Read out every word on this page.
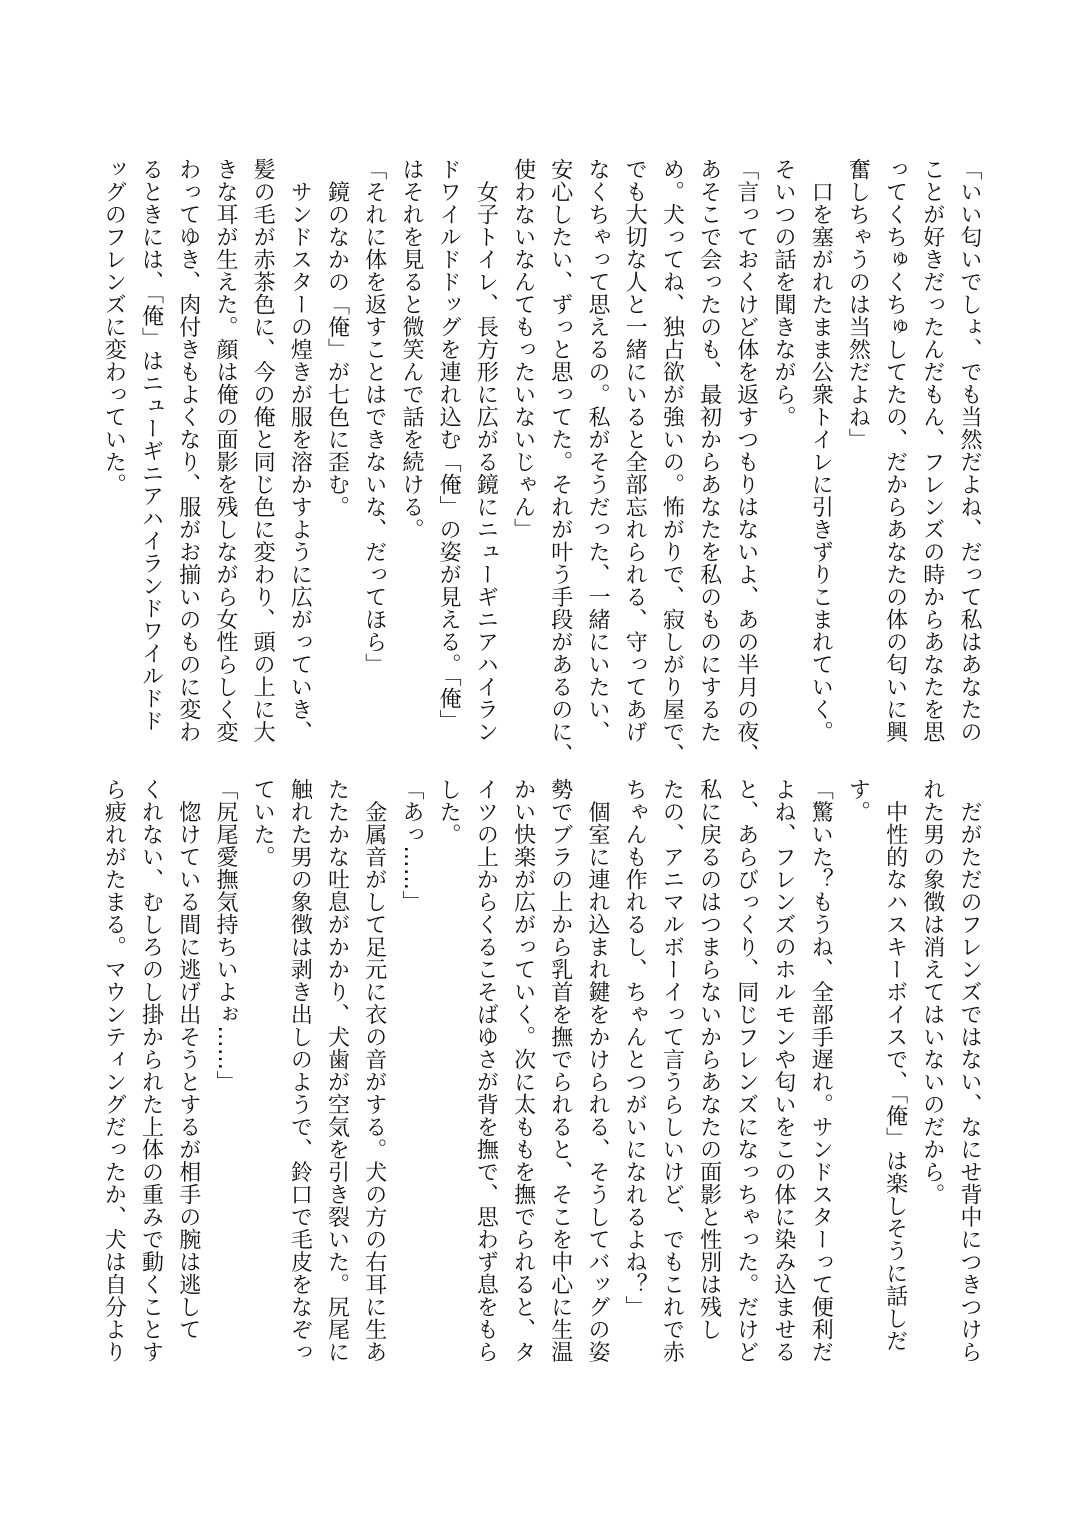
「いい匂いでしょ、でも当然だよね、だって私はあなたの
ことが好きだったんだもん、フレンズの時からあなたを思
ってくちゅくちゅしてたの、だからあなたの体の匂いに興
奮しちゃうのは当然だよね」
　口を塞がれたまま公衆トイレに引きずりこまれていく。
そいつの話を聞きながら。
「言っておくけど体を返すつもりはないよ、あの半月の夜、
あそこで会ったのも、最初からあなたを私のものにするた
め。犬ってね、独占欲が強いの。怖がりで、寂しがり屋で、
でも大切な人と一緒にいると全部忘れられる、守ってあげ
なくちゃって思えるの。私がそうだった、一緒にいたい、
安心したい、ずっと思ってた。それが叶う手段があるのに、
使わないなんてもったいないじゃん」
　女子トイレ、長方形に広がる鏡にニューギニアハイラン
ドワイルドドッグを連れ込む「俺」の姿が見える。「俺」
はそれを見ると微笑んで話を続ける。
「それに体を返すことはできないな、だってほら」
　鏡のなかの「俺」が七色に歪む。
　サンドスターの煌きが服を溶かすように広がっていき、
髪の毛が赤茶色に、今の俺と同じ色に変わり、頭の上に大
きな耳が生えた。顔は俺の面影を残しながら女性らしく変
わってゆき、肉付きもよくなり、服がお揃いのものに変わ
るときには、「俺」はニューギニアハイランドワイルドド
ッグのフレンズに変わっていた。
　だがただのフレンズではない、なにせ背中につきつけら
れた男の象徴は消えてはいないのだから。
　中性的なハスキーボイスで、「俺」は楽しそうに話しだ
す。
「驚いた？もうね、全部手遅れ。サンドスターって便利だ
よね、フレンズのホルモンや匂いをこの体に染み込ませる
と、あらびっくり、同じフレンズになっちゃった。だけど
私に戻るのはつまらないからあなたの面影と性別は残し
たの、アニマルボーイって言うらしいけど、でもこれで赤
ちゃんも作れるし、ちゃんとつがいになれるよね？」
　個室に連れ込まれ鍵をかけられる、そうしてバッグの姿
勢でブラの上から乳首を撫でられると、そこを中心に生温
かい快楽が広がっていく。次に太ももを撫でられると、タ
イツの上からくるこそばゆさが背を撫で、思わず息をもら
した。
「あっ……」
　金属音がして足元に衣の音がする。犬の方の右耳に生あ
たたかな吐息がかかり、犬歯が空気を引き裂いた。尻尾に
触れた男の象徴は剥き出しのようで、鈴口で毛皮をなぞっ
ていた。
「尻尾愛撫気持ちいよぉ……」
　惚けている間に逃げ出そうとするが相手の腕は逃して
くれない、むしろのし掛かられた上体の重みで動くことす
ら疲れがたまる。マウンティングだったか、犬は自分より
